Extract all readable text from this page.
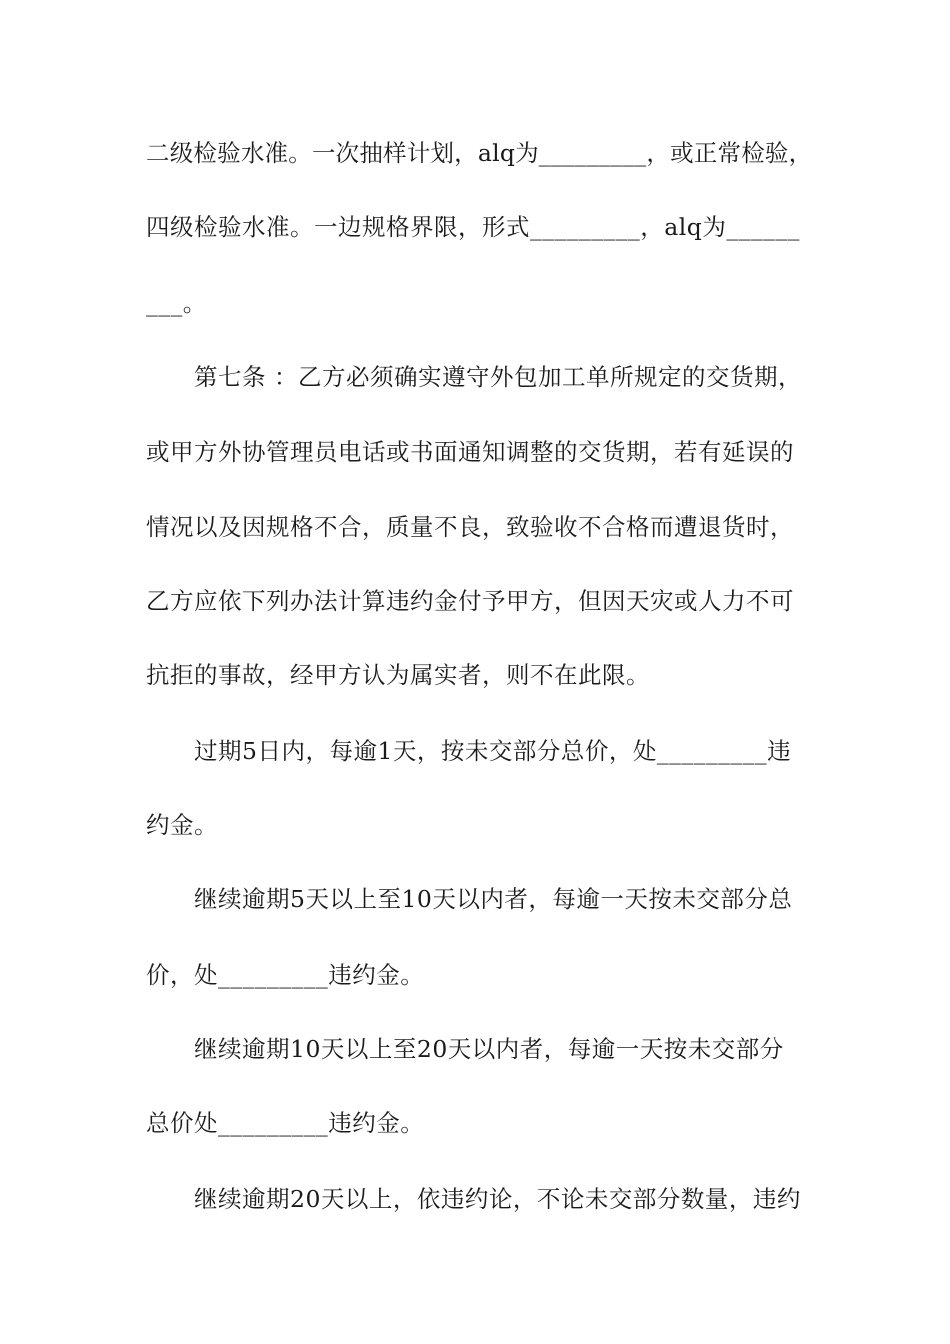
二级检验水准。一次抽样计划，alq为_________，或正常检验，
四级检验水准。一边规格界限，形式_________，alq为______
___。
第七条 ：乙方必须确实遵守外包加工单所规定的交货期，
或甲方外协管理员电话或书面通知调整的交货期，若有延误的
情况以及因规格不合，质量不良，致验收不合格而遭退货时，
乙方应依下列办法计算违约金付予甲方，但因天灾或人力不可
抗拒的事故，经甲方认为属实者，则不在此限。
过期5日内，每逾1天，按未交部分总价，处_________违
约金。
继续逾期5天以上至10天以内者，每逾一天按未交部分总
价，处_________违约金。
继续逾期10天以上至20天以内者，每逾一天按未交部分
总价处_________违约金。
继续逾期20天以上，依违约论，不论未交部分数量，违约
